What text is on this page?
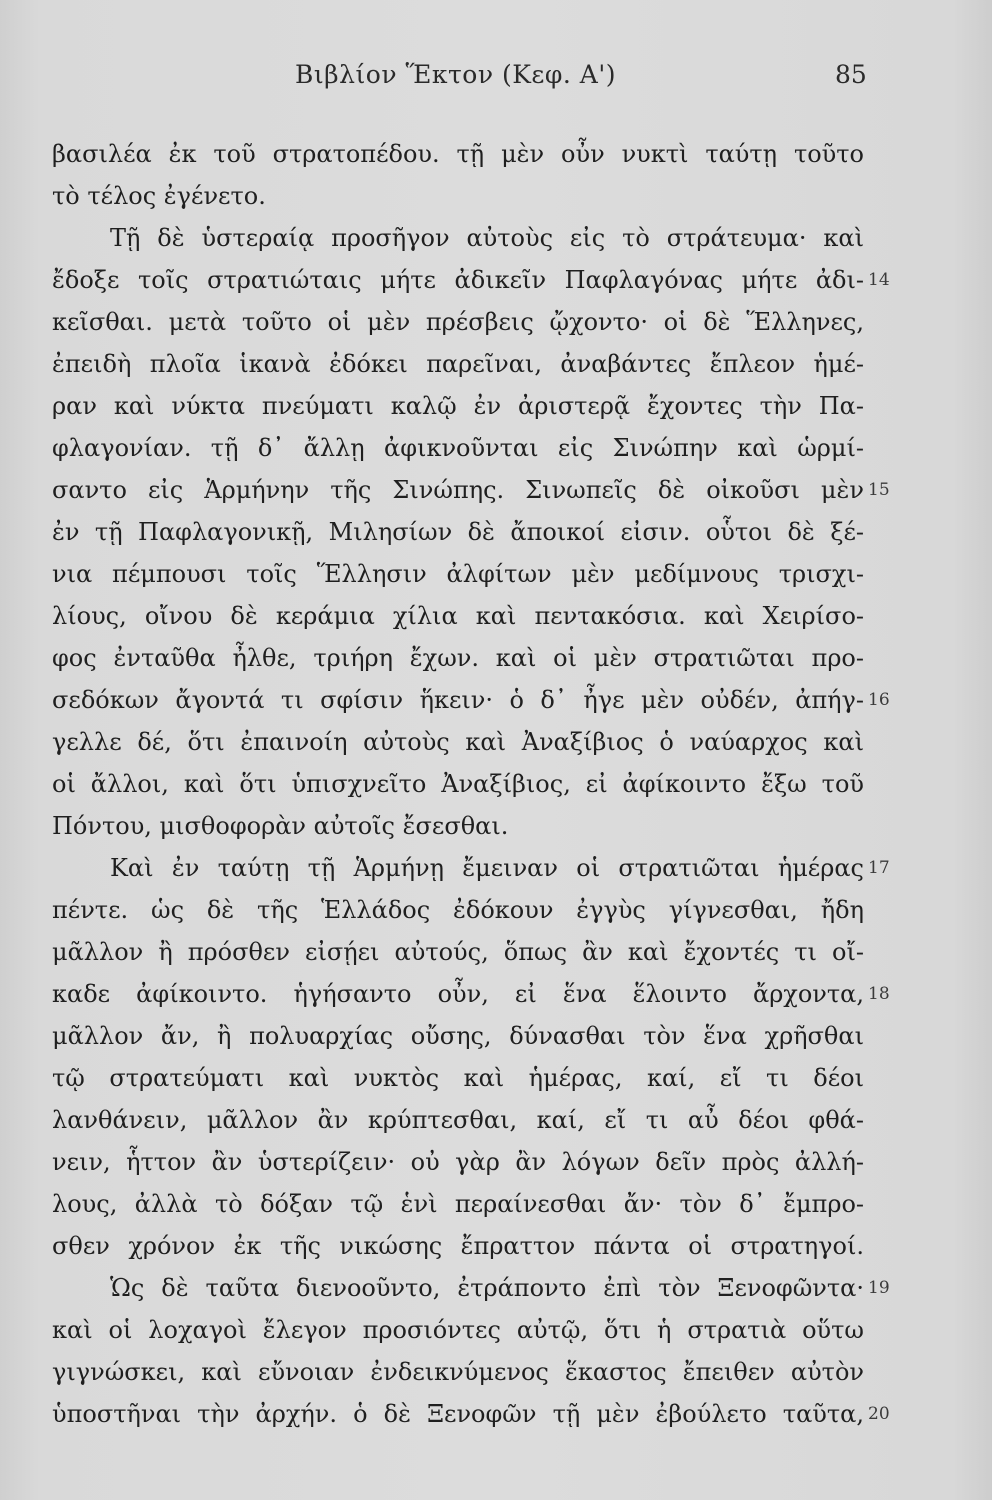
Βιβλίον Ἕκτον (Κεφ. Α')	85
βασιλέα ἐκ τοῦ στρατοπέδου. τῇ μὲν οὖν νυκτὶ ταύτῃ τοῦτο
τὸ τέλος ἐγένετο.
Τῇ δὲ ὑστεραίᾳ προσῆγον αὐτοὺς εἰς τὸ στράτευμα· καὶ
ἔδοξε τοῖς στρατιώταις μήτε ἀδικεῖν Παφλαγόνας μήτε ἀδι- 14
κεῖσθαι. μετὰ τοῦτο οἱ μὲν πρέσβεις ᾤχοντο· οἱ δὲ Ἕλληνες,
ἐπειδὴ πλοῖα ἱκανὰ ἐδόκει παρεῖναι, ἀναβάντες ἔπλεον ἡμέ-
ραν καὶ νύκτα πνεύματι καλῷ ἐν ἀριστερᾷ ἔχοντες τὴν Πα-
φλαγονίαν. τῇ δ᾽ ἄλλῃ ἀφικνοῦνται εἰς Σινώπην καὶ ὡρμί-
σαντο εἰς Ἁρμήνην τῆς Σινώπης. Σινωπεῖς δὲ οἰκοῦσι μὲν 15
ἐν τῇ Παφλαγονικῇ, Μιλησίων δὲ ἄποικοί εἰσιν. οὗτοι δὲ ξέ-
νια πέμπουσι τοῖς Ἕλλησιν ἀλφίτων μὲν μεδίμνους τρισχι-
λίους, οἴνου δὲ κεράμια χίλια καὶ πεντακόσια. καὶ Χειρίσο-
φος ἐνταῦθα ἦλθε, τριήρη ἔχων. καὶ οἱ μὲν στρατιῶται προ-
σεδόκων ἄγοντά τι σφίσιν ἥκειν· ὁ δ᾽ ἦγε μὲν οὐδέν, ἀπήγ- 16
γελλε δέ, ὅτι ἐπαινοίη αὐτοὺς καὶ Ἀναξίβιος ὁ ναύαρχος καὶ
οἱ ἄλλοι, καὶ ὅτι ὑπισχνεῖτο Ἀναξίβιος, εἰ ἀφίκοιντο ἔξω τοῦ
Πόντου, μισθοφορὰν αὐτοῖς ἔσεσθαι.
Καὶ ἐν ταύτῃ τῇ Ἁρμήνῃ ἔμειναν οἱ στρατιῶται ἡμέρας 17
πέντε. ὡς δὲ τῆς Ἑλλάδος ἐδόκουν ἐγγὺς γίγνεσθαι, ἤδη
μᾶλλον ἢ πρόσθεν εἰσῄει αὐτούς, ὅπως ἂν καὶ ἔχοντές τι οἴ-
καδε ἀφίκοιντο. ἡγήσαντο οὖν, εἰ ἕνα ἕλοιντο ἄρχοντα, 18
μᾶλλον ἄν, ἢ πολυαρχίας οὔσης, δύνασθαι τὸν ἕνα χρῆσθαι
τῷ στρατεύματι καὶ νυκτὸς καὶ ἡμέρας, καί, εἴ τι δέοι
λανθάνειν, μᾶλλον ἂν κρύπτεσθαι, καί, εἴ τι αὖ δέοι φθά-
νειν, ἧττον ἂν ὑστερίζειν· οὐ γὰρ ἂν λόγων δεῖν πρὸς ἀλλή-
λους, ἀλλὰ τὸ δόξαν τῷ ἑνὶ περαίνεσθαι ἄν· τὸν δ᾽ ἔμπρο-
σθεν χρόνον ἐκ τῆς νικώσης ἔπραττον πάντα οἱ στρατηγοί.
Ὡς δὲ ταῦτα διενοοῦντο, ἐτράποντο ἐπὶ τὸν Ξενοφῶντα· 19
καὶ οἱ λοχαγοὶ ἔλεγον προσιόντες αὐτῷ, ὅτι ἡ στρατιὰ οὕτω
γιγνώσκει, καὶ εὔνοιαν ἐνδεικνύμενος ἕκαστος ἔπειθεν αὐτὸν
ὑποστῆναι τὴν ἀρχήν. ὁ δὲ Ξενοφῶν τῇ μὲν ἐβούλετο ταῦτα, 20
